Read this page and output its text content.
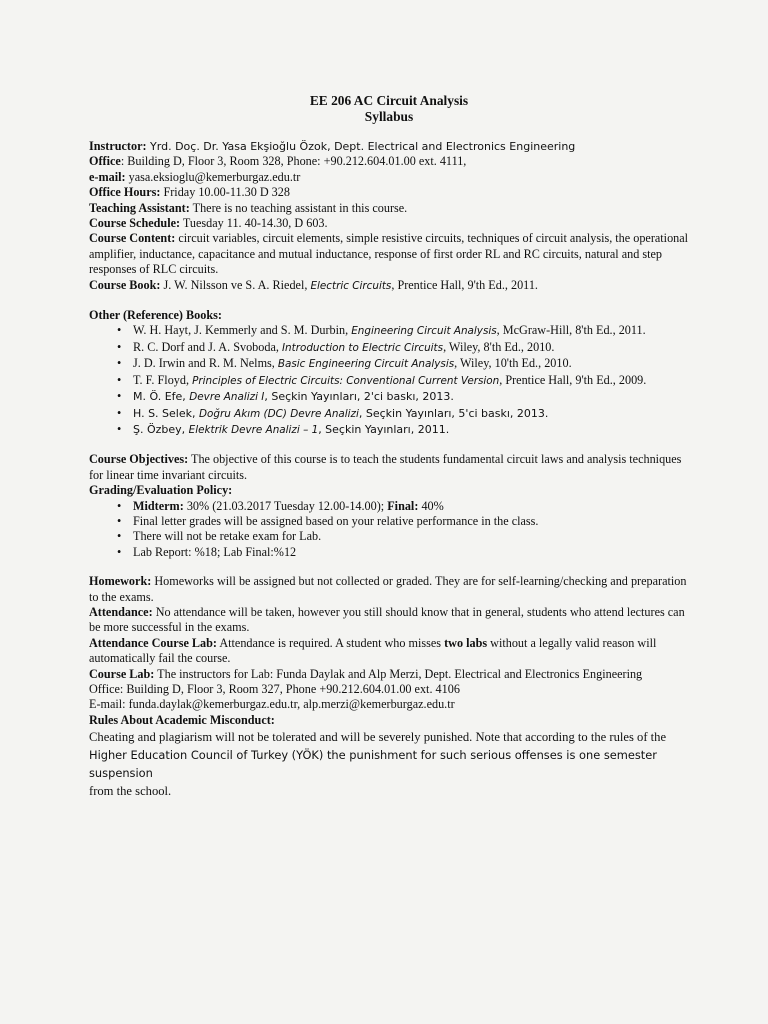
EE 206 AC Circuit Analysis
Syllabus

Instructor: Yrd. Doç. Dr. Yasa Ekşioğlu Özok, Dept. Electrical and Electronics Engineering

Office: Building D, Floor 3, Room 328, Phone: +90.212.604.01.00 ext. 4111,

e-mail: yasa.eksioglu@kemerburgaz.edu.tr

Office Hours: Friday 10.00-11.30 D 328

Teaching Assistant: There is no teaching assistant in this course.

Course Schedule: Tuesday 11. 40-14.30, D 603.

Course Content: circuit variables, circuit elements, simple resistive circuits, techniques of circuit analysis, the operational amplifier, inductance, capacitance and mutual inductance, response of first order RL and RC circuits, natural and step responses of RLC circuits.

Course Book: J. W. Nilsson ve S. A. Riedel, Electric Circuits, Prentice Hall, 9'th Ed., 2011.

Other (Reference) Books:

• W. H. Hayt, J. Kemmerly and S. M. Durbin, Engineering Circuit Analysis, McGraw-Hill, 8'th Ed., 2011.
• R. C. Dorf and J. A. Svoboda, Introduction to Electric Circuits, Wiley, 8'th Ed., 2010.
• J. D. Irwin and R. M. Nelms, Basic Engineering Circuit Analysis, Wiley, 10'th Ed., 2010.
• T. F. Floyd, Principles of Electric Circuits: Conventional Current Version, Prentice Hall, 9'th Ed., 2009.
• M. Ö. Efe, Devre Analizi I, Seçkin Yayınları, 2'ci baskı, 2013.
• H. S. Selek, Doğru Akım (DC) Devre Analizi, Seçkin Yayınları, 5'ci baskı, 2013.
• Ş. Özbey, Elektrik Devre Analizi – 1, Seçkin Yayınları, 2011.

Course Objectives: The objective of this course is to teach the students fundamental circuit laws and analysis techniques for linear time invariant circuits.

Grading/Evaluation Policy:

• Midterm: 30% (21.03.2017 Tuesday 12.00-14.00); Final: 40%
• Final letter grades will be assigned based on your relative performance in the class.
• There will not be retake exam for Lab.
• Lab Report: %18; Lab Final:%12

Homework: Homeworks will be assigned but not collected or graded. They are for self-learning/checking and preparation to the exams.

Attendance: No attendance will be taken, however you still should know that in general, students who attend lectures can be more successful in the exams.

Attendance Course Lab: Attendance is required. A student who misses two labs without a legally valid reason will automatically fail the course.

Course Lab: The instructors for Lab: Funda Daylak and Alp Merzi, Dept. Electrical and Electronics Engineering

Office: Building D, Floor 3, Room 327, Phone +90.212.604.01.00 ext. 4106

E-mail: funda.daylak@kemerburgaz.edu.tr, alp.merzi@kemerburgaz.edu.tr

Rules About Academic Misconduct:

Cheating and plagiarism will not be tolerated and will be severely punished. Note that according to the rules of the

Higher Education Council of Turkey (YÖK) the punishment for such serious offenses is one semester suspension

from the school.
